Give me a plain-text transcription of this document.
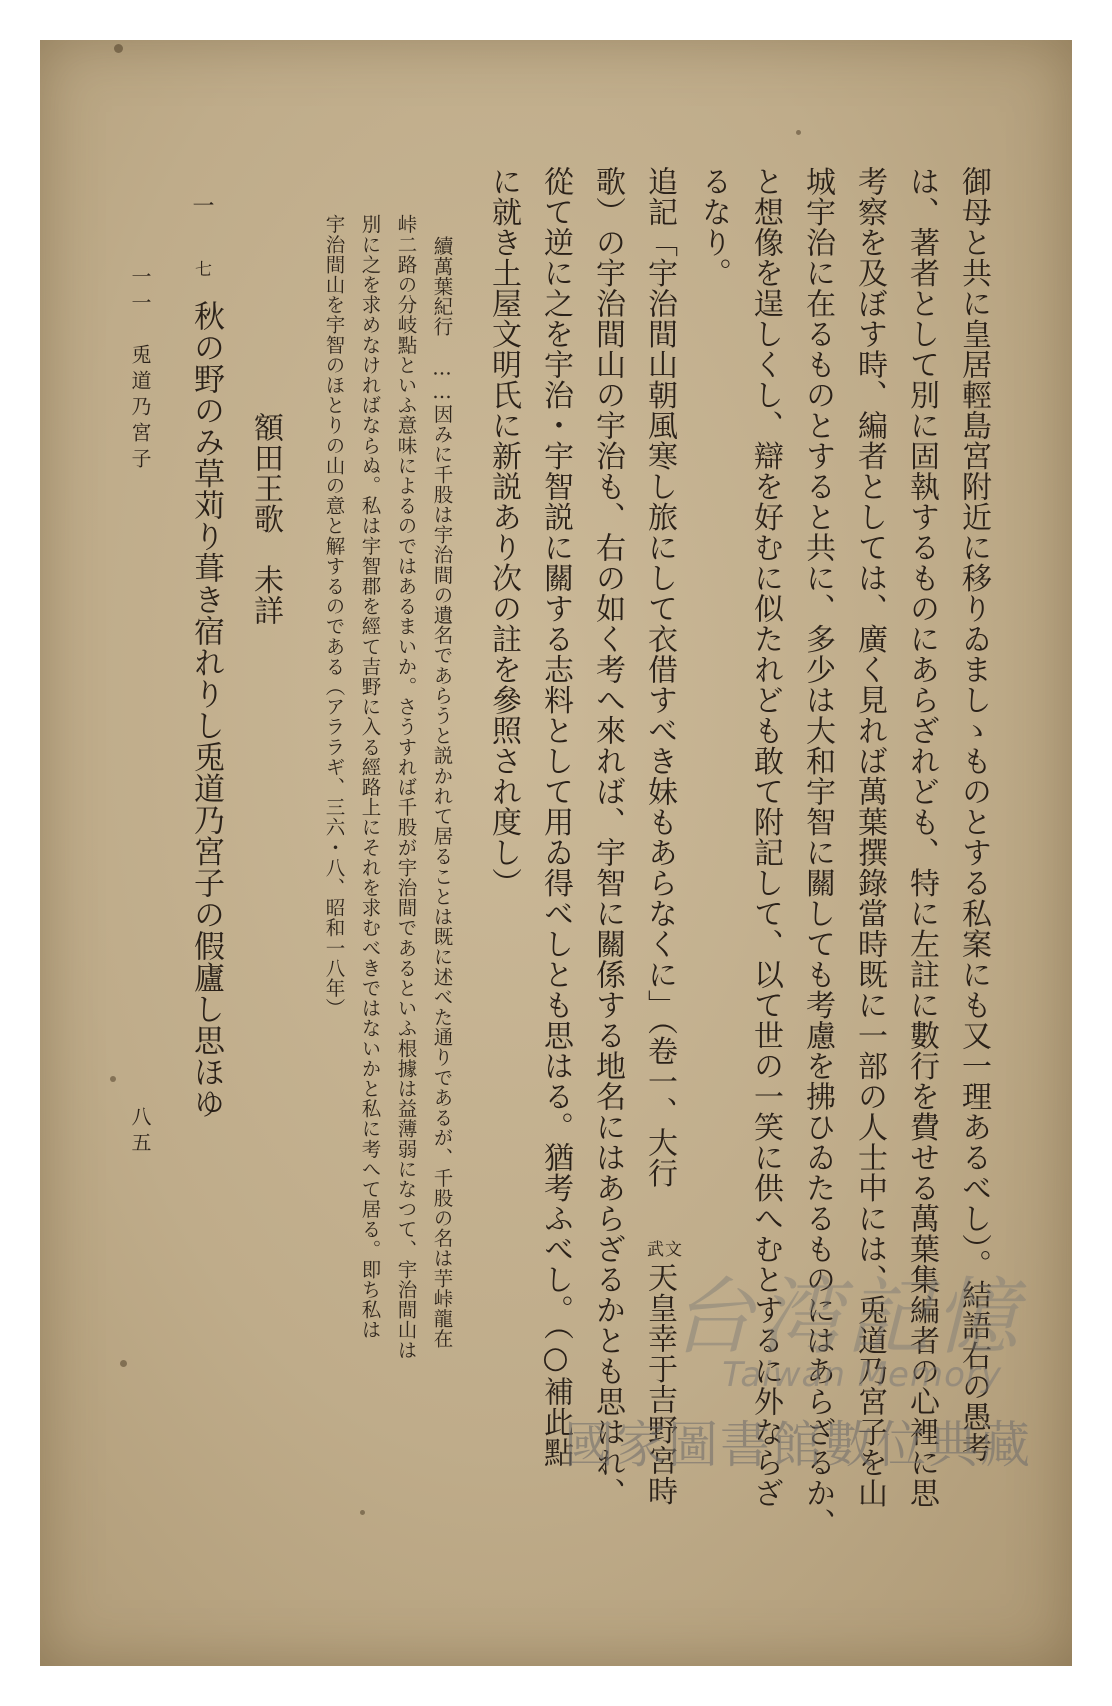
御母と共に皇居輕島宮附近に移りゐましゝものとする私案にも又一理あるべし）。結語右の愚考
は、著者として別に固執するものにあらざれども、特に左註に數行を費せる萬葉集編者の心裡に思
考察を及ぼす時、編者としては、廣く見れば萬葉撰錄當時既に一部の人士中には、兎道乃宮子を山
城宇治に在るものとすると共に、多少は大和宇智に關しても考慮を拂ひゐたるものにはあらざるか、
と想像を逞しくし、辯を好むに似たれども敢て附記して、以て世の一笑に供へむとするに外ならざ
るなり。
追記「宇治間山朝風寒し旅にして衣借すべき妹もあらなくに」（卷一、大行
文
武
天皇幸于吉野宮時
歌）の宇治間山の宇治も、右の如く考へ來れば、宇智に關係する地名にはあらざるかとも思はれ、
從て逆に之を宇治・宇智説に關する志料として用ゐ得べしとも思はる。猶考ふべし。（○補此點
に就き土屋文明氏に新説あり次の註を參照され度し）
續萬葉紀行　……因みに千股は宇治間の遺名であらうと説かれて居ることは既に述べた通りであるが、千股の名は芋峠龍在
峠二路の分岐點といふ意味によるのではあるまいか。さうすれば千股が宇治間であるといふ根據は益薄弱になつて、宇治間山は
別に之を求めなければならぬ。私は宇智郡を經て吉野に入る經路上にそれを求むべきではないかと私に考へて居る。即ち私は
宇治間山を宇智のほとりの山の意と解するのである（アララギ、三六・八、昭和一八年）
額田王歌　未詳
七
秋の野のみ草苅り葺き宿れりし兎道乃宮子の假廬し思ほゆ
一
一一　兎道乃宮子
八五
台湾記憶
Taiwan Memory
國家圖書館數位典藏
